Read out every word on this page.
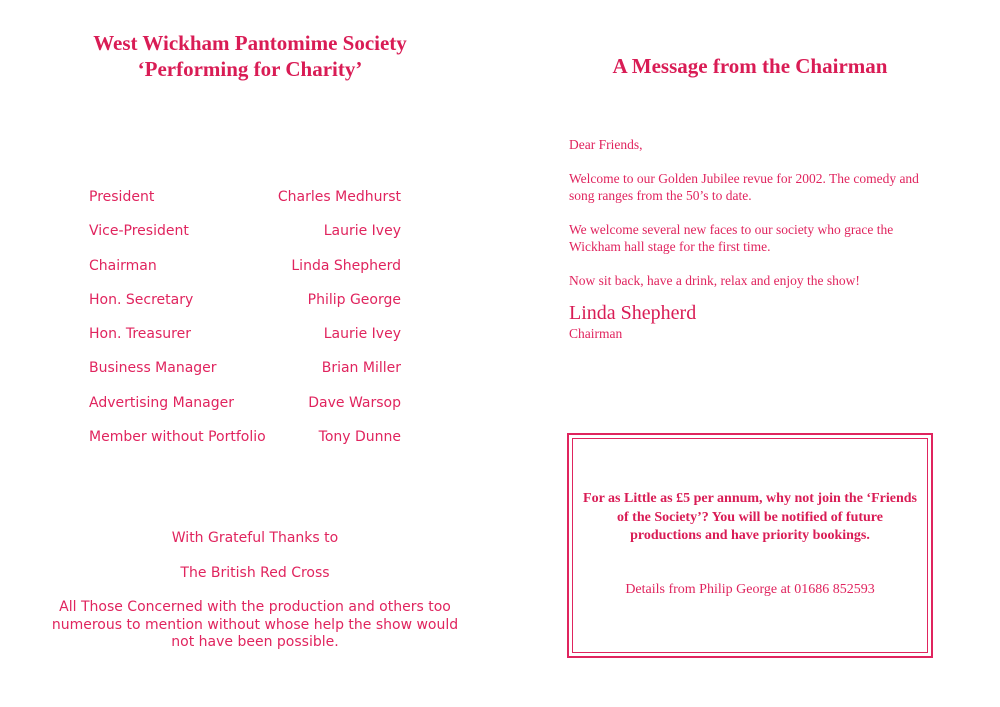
West Wickham Pantomime Society
‘Performing for Charity’
President	Charles Medhurst
Vice-President	Laurie Ivey
Chairman	Linda Shepherd
Hon. Secretary	Philip George
Hon. Treasurer	Laurie Ivey
Business Manager	Brian Miller
Advertising Manager	Dave Warsop
Member without Portfolio	Tony Dunne

With Grateful Thanks to

The British Red Cross

All Those Concerned with the production and others too numerous to mention without whose help the show would not have been possible.

A Message from the Chairman

Dear Friends,

Welcome to our Golden Jubilee revue for 2002. The comedy and song ranges from the 50’s to date.

We welcome several new faces to our society who grace the Wickham hall stage for the first time.

Now sit back, have a drink, relax and enjoy the show!

Linda Shepherd

Chairman

For as Little as £5 per annum, why not join the ‘Friends of the Society’? You will be notified of future productions and have priority bookings.
Details from Philip George at 01686 852593
